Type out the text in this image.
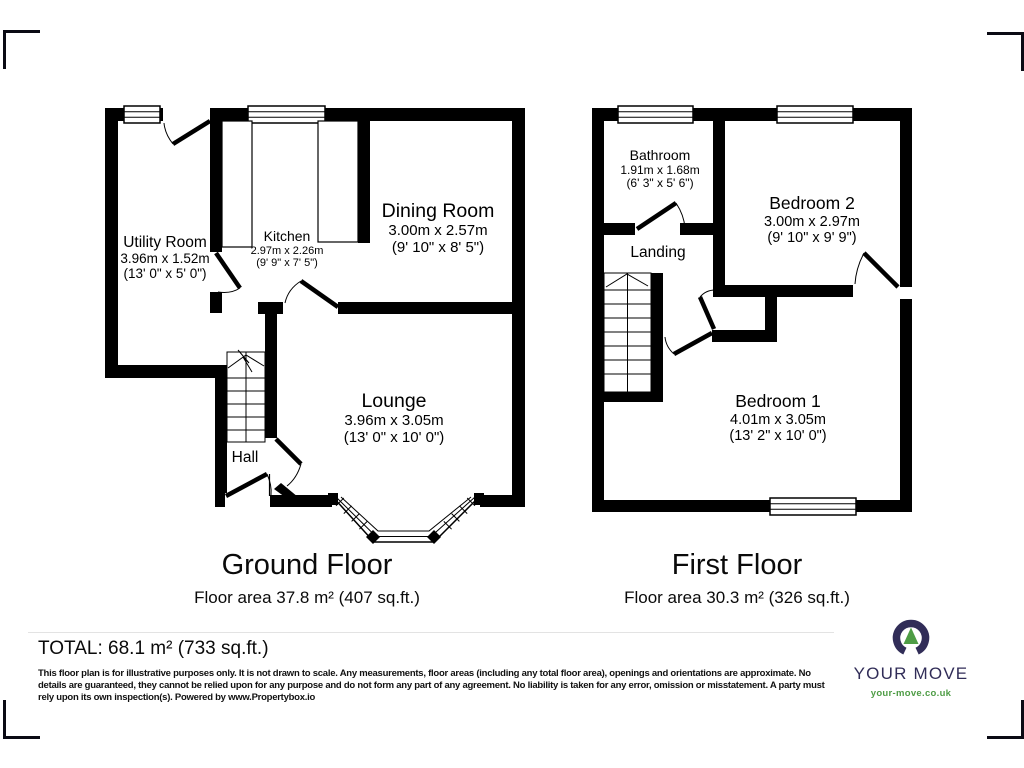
Utility Room
3.96m x 1.52m
(13' 0" x 5' 0")
Kitchen
2.97m x 2.26m
(9' 9" x 7' 5")
Dining Room
3.00m x 2.57m
(9' 10" x 8' 5")
Lounge
3.96m x 3.05m
(13' 0" x 10' 0")
Hall
Bathroom
1.91m x 1.68m
(6' 3" x 5' 6")
Landing
Bedroom 2
3.00m x 2.97m
(9' 10" x 9' 9")
Bedroom 1
4.01m x 3.05m
(13' 2" x 10' 0")
Ground Floor
Floor area 37.8 m² (407 sq.ft.)
First Floor
Floor area 30.3 m² (326 sq.ft.)
TOTAL: 68.1 m² (733 sq.ft.)
This floor plan is for illustrative purposes only. It is not drawn to scale. Any measurements, floor areas (including any total floor area), openings and orientations are approximate. No details are guaranteed, they cannot be relied upon for any purpose and do not form any part of any agreement. No liability is taken for any error, omission or misstatement. A party must rely upon its own inspection(s). Powered by www.Propertybox.io
YOUR MOVE
your-move.co.uk
